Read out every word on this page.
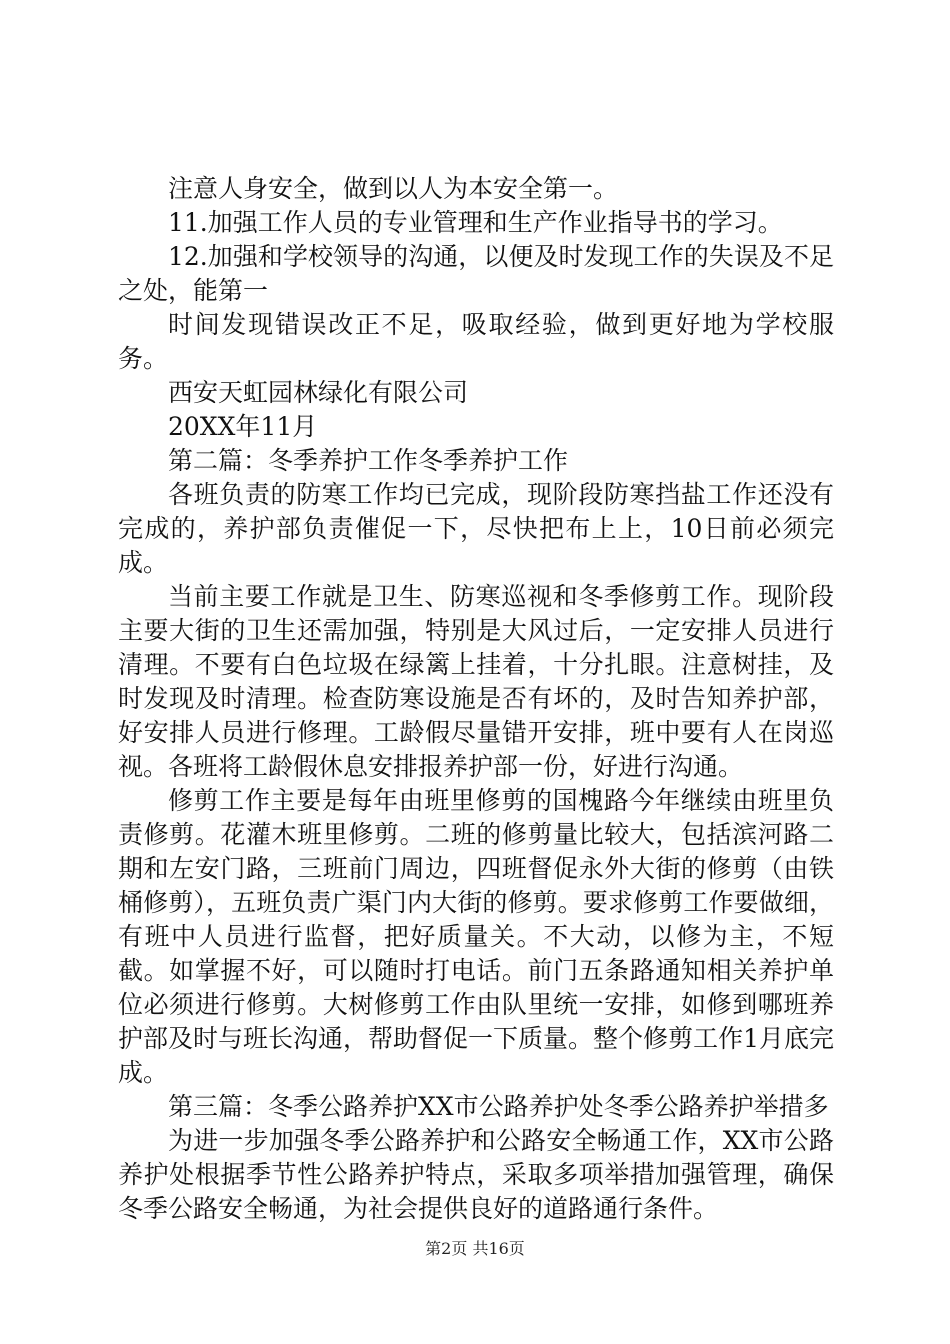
注意人身安全，做到以人为本安全第一。

11.加强工作人员的专业管理和生产作业指导书的学习。

12.加强和学校领导的沟通，以便及时发现工作的失误及不足之处，能第一

时间发现错误改正不足，吸取经验，做到更好地为学校服务。

西安天虹园林绿化有限公司

20XX年11月

第二篇：冬季养护工作冬季养护工作

各班负责的防寒工作均已完成，现阶段防寒挡盐工作还没有完成的，养护部负责催促一下，尽快把布上上，10日前必须完成。

当前主要工作就是卫生、防寒巡视和冬季修剪工作。现阶段主要大街的卫生还需加强，特别是大风过后，一定安排人员进行清理。不要有白色垃圾在绿篱上挂着，十分扎眼。注意树挂，及时发现及时清理。检查防寒设施是否有坏的，及时告知养护部，好安排人员进行修理。工龄假尽量错开安排，班中要有人在岗巡视。各班将工龄假休息安排报养护部一份，好进行沟通。

修剪工作主要是每年由班里修剪的国槐路今年继续由班里负责修剪。花灌木班里修剪。二班的修剪量比较大，包括滨河路二期和左安门路，三班前门周边，四班督促永外大街的修剪（由铁桶修剪），五班负责广渠门内大街的修剪。要求修剪工作要做细，有班中人员进行监督，把好质量关。不大动，以修为主，不短截。如掌握不好，可以随时打电话。前门五条路通知相关养护单位必须进行修剪。大树修剪工作由队里统一安排，如修到哪班养护部及时与班长沟通，帮助督促一下质量。整个修剪工作1月底完成。

第三篇：冬季公路养护XX市公路养护处冬季公路养护举措多

为进一步加强冬季公路养护和公路安全畅通工作，XX市公路养护处根据季节性公路养护特点，采取多项举措加强管理，确保冬季公路安全畅通，为社会提供良好的道路通行条件。

第2页 共16页
